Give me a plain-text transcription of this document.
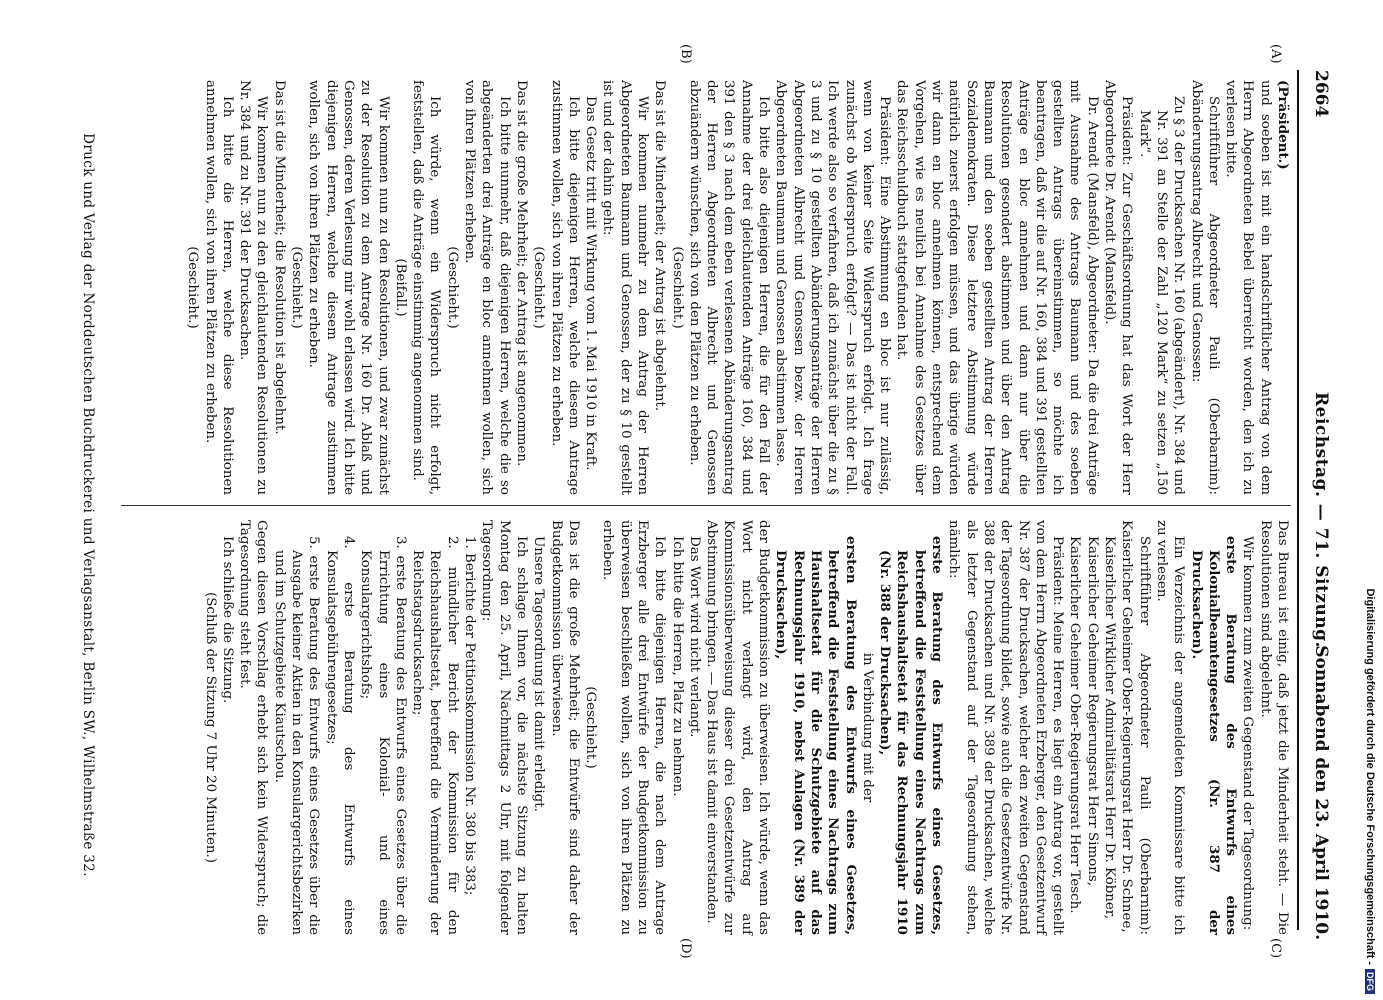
2664
Reichstag. — 71. Sitzung.
Sonnabend den 23. April 1910.
(A)
(B)
(C)
(D)

(Präsident.)

und soeben ist mit ein handschriftlicher Antrag von dem Herrn Abgeordneten Bebel überreicht worden, den ich zu verlesen bitte.

Schriftführer Abgeordneter Pauli (Oberbarnim): Abänderungsantrag Albrecht und Genossen:

Zu § 3 der Drucksachen Nr. 160 (abgeändert), Nr. 384 und Nr. 391 an Stelle der Zahl „120 Mark“ zu setzen „150 Mark“.

Präsident: Zur Geschäftsordnung hat das Wort der Herr Abgeordnete Dr. Arendt (Mansfeld).

Dr. Arendt (Mansfeld), Abgeordneter: Da die drei Anträge mit Ausnahme des Antrags Baumann und des soeben gestellten Antrags übereinstimmen, so möchte ich beantragen, daß wir die auf Nr. 160, 384 und 391 gestellten Anträge en bloc annehmen und dann nur über die Resolutionen gesondert abstimmen und über den Antrag Baumann und den soeben gestellten Antrag der Herren Sozialdemokraten. Diese letztere Abstimmung würde natürlich zuerst erfolgen müssen, und das übrige würden wir dann en bloc annehmen können, entsprechend dem Vorgehen, wie es neulich bei Annahme des Gesetzes über das Reichsschuldbuch stattgefunden hat.

Präsident: Eine Abstimmung en bloc ist nur zulässig, wenn von keiner Seite Widerspruch erfolgt. Ich frage zunächst ob Widerspruch erfolgt? — Das ist nicht der Fall. Ich werde also so verfahren, daß ich zunächst über die zu § 3 und zu § 10 gestellten Abänderungsanträge der Herren Abgeordneten Albrecht und Genossen bezw. der Herren Abgeordneten Baumann und Genossen abstimmen lasse.

Ich bitte also diejenigen Herren, die für den Fall der Annahme der drei gleichlautenden Anträge 160, 384 und 391 den § 3 nach dem eben verlesenen Abänderungsantrag der Herren Abgeordneten Albrecht und Genossen abzuändern wünschen, sich von den Plätzen zu erheben.

(Geschieht.)

Das ist die Minderheit; der Antrag ist abgelehnt.

Wir kommen nunmehr zu dem Antrag der Herren Abgeordneten Baumann und Genossen, der zu § 10 gestellt ist und der dahin geht:

Das Gesetz tritt mit Wirkung vom 1. Mai 1910 in Kraft.

Ich bitte diejenigen Herren, welche diesem Antrage zustimmen wollen, sich von ihren Plätzen zu erheben.

(Geschieht.)

Das ist die große Mehrheit; der Antrag ist angenommen.

Ich bitte nunmehr, daß diejenigen Herren, welche die so abgeänderten drei Anträge en bloc annehmen wollen, sich von ihren Plätzen erheben.

(Geschieht.)

Ich würde, wenn ein Widerspruch nicht erfolgt, feststellen, daß die Anträge einstimmig angenommen sind.

(Beifall.)

Wir kommen nun zu den Resolutionen, und zwar zunächst zu der Resolution zu dem Antrage Nr. 160 Dr. Ablaß und Genossen, deren Verlesung mir wohl erlassen wird. Ich bitte diejenigen Herren, welche diesem Antrage zustimmen wollen, sich von ihren Plätzen zu erheben.

(Geschieht.)

Das ist die Minderheit; die Resolution ist abgelehnt.

Wir kommen nun zu den gleichlautenden Resolutionen zu Nr. 384 und zu Nr. 391 der Drucksachen.

Ich bitte die Herren, welche diese Resolutionen annehmen wollen, sich von ihren Plätzen zu erheben.

(Geschieht.)

Das Bureau ist einig, daß jetzt die Minderheit steht. — Die Resolutionen sind abgelehnt.

Wir kommen zum zweiten Gegenstand der Tagesordnung:

erste Beratung des Entwurfs eines Kolonialbeamtengesetzes (Nr. 387 der Drucksachen).

Ein Verzeichnis der angemeldeten Kommissare bitte ich zu verlesen.

Schriftführer Abgeordneter Pauli (Oberbarnim): Kaiserlicher Geheimer Ober-Regierungsrat Herr Dr. Schnee,

Kaiserlicher Wirklicher Admiralitätsrat Herr Dr. Köbner,

Kaiserlicher Geheimer Regierungsrat Herr Simons,

Kaiserlicher Geheimer Ober-Regierungsrat Herr Tesch.

Präsident: Meine Herren, es liegt ein Antrag vor, gestellt von dem Herrn Abgeordneten Erzberger, den Gesetzentwurf Nr. 387 der Drucksachen, welcher den zweiten Gegenstand der Tagesordnung bildet, sowie auch die Gesetzentwürfe Nr. 388 der Drucksachen und Nr. 389 der Drucksachen, welche als letzter Gegenstand auf der Tagesordnung stehen, nämlich:

erste Beratung des Entwurfs eines Gesetzes, betreffend die Feststellung eines Nachtrags zum Reichshaushaltsetat für das Rechnungsjahr 1910 (Nr. 388 der Drucksachen),

in Verbindung mit der

ersten Beratung des Entwurfs eines Gesetzes, betreffend die Feststellung eines Nachtrags zum Haushaltsetat für die Schutzgebiete auf das Rechnungsjahr 1910, nebst Anlagen (Nr. 389 der Drucksachen),

der Budgetkommission zu überweisen. Ich würde, wenn das Wort nicht verlangt wird, den Antrag auf Kommissionsüberweisung dieser drei Gesetzentwürfe zur Abstimmung bringen. — Das Haus ist damit einverstanden.

Das Wort wird nicht verlangt.

Ich bitte die Herren, Platz zu nehmen.

Ich bitte diejenigen Herren, die nach dem Antrage Erzberger alle drei Entwürfe der Budgetkommission zu überweisen beschließen wollen, sich von ihren Plätzen zu erheben.

(Geschieht.)

Das ist die große Mehrheit; die Entwürfe sind daher der Budgetkommission überwiesen.

Unsere Tagesordnung ist damit erledigt.

Ich schlage Ihnen vor, die nächste Sitzung zu halten Montag den 25. April, Nachmittags 2 Uhr, mit folgender Tagesordnung:

1. Berichte der Petitionskommission Nr. 380 bis 383;

2. mündlicher Bericht der Kommission für den Reichshaushaltsetat, betreffend die Verminderung der Reichstagsdrucksachen;

3. erste Beratung des Entwurfs eines Gesetzes über die Errichtung eines Kolonial- und eines Konsulargerichtshofs;

4. erste Beratung des Entwurfs eines Konsulatsgebührengesetzes;

5. erste Beratung des Entwurfs eines Gesetzes über die Ausgabe kleiner Aktien in den Konsulargerichtsbezirken und im Schutzgebiete Kiautschou.

Gegen diesen Vorschlag erhebt sich kein Widerspruch; die Tagesordnung steht fest.

Ich schließe die Sitzung.

(Schluß der Sitzung 7 Uhr 20 Minuten.)

Druck und Verlag der Norddeutschen Buchdruckerei und Verlagsanstalt, Berlin SW., Wilhelmstraße 32.	Digitalisierung gefördert durch die Deutsche Forschungsgemeinschaft -DFG
